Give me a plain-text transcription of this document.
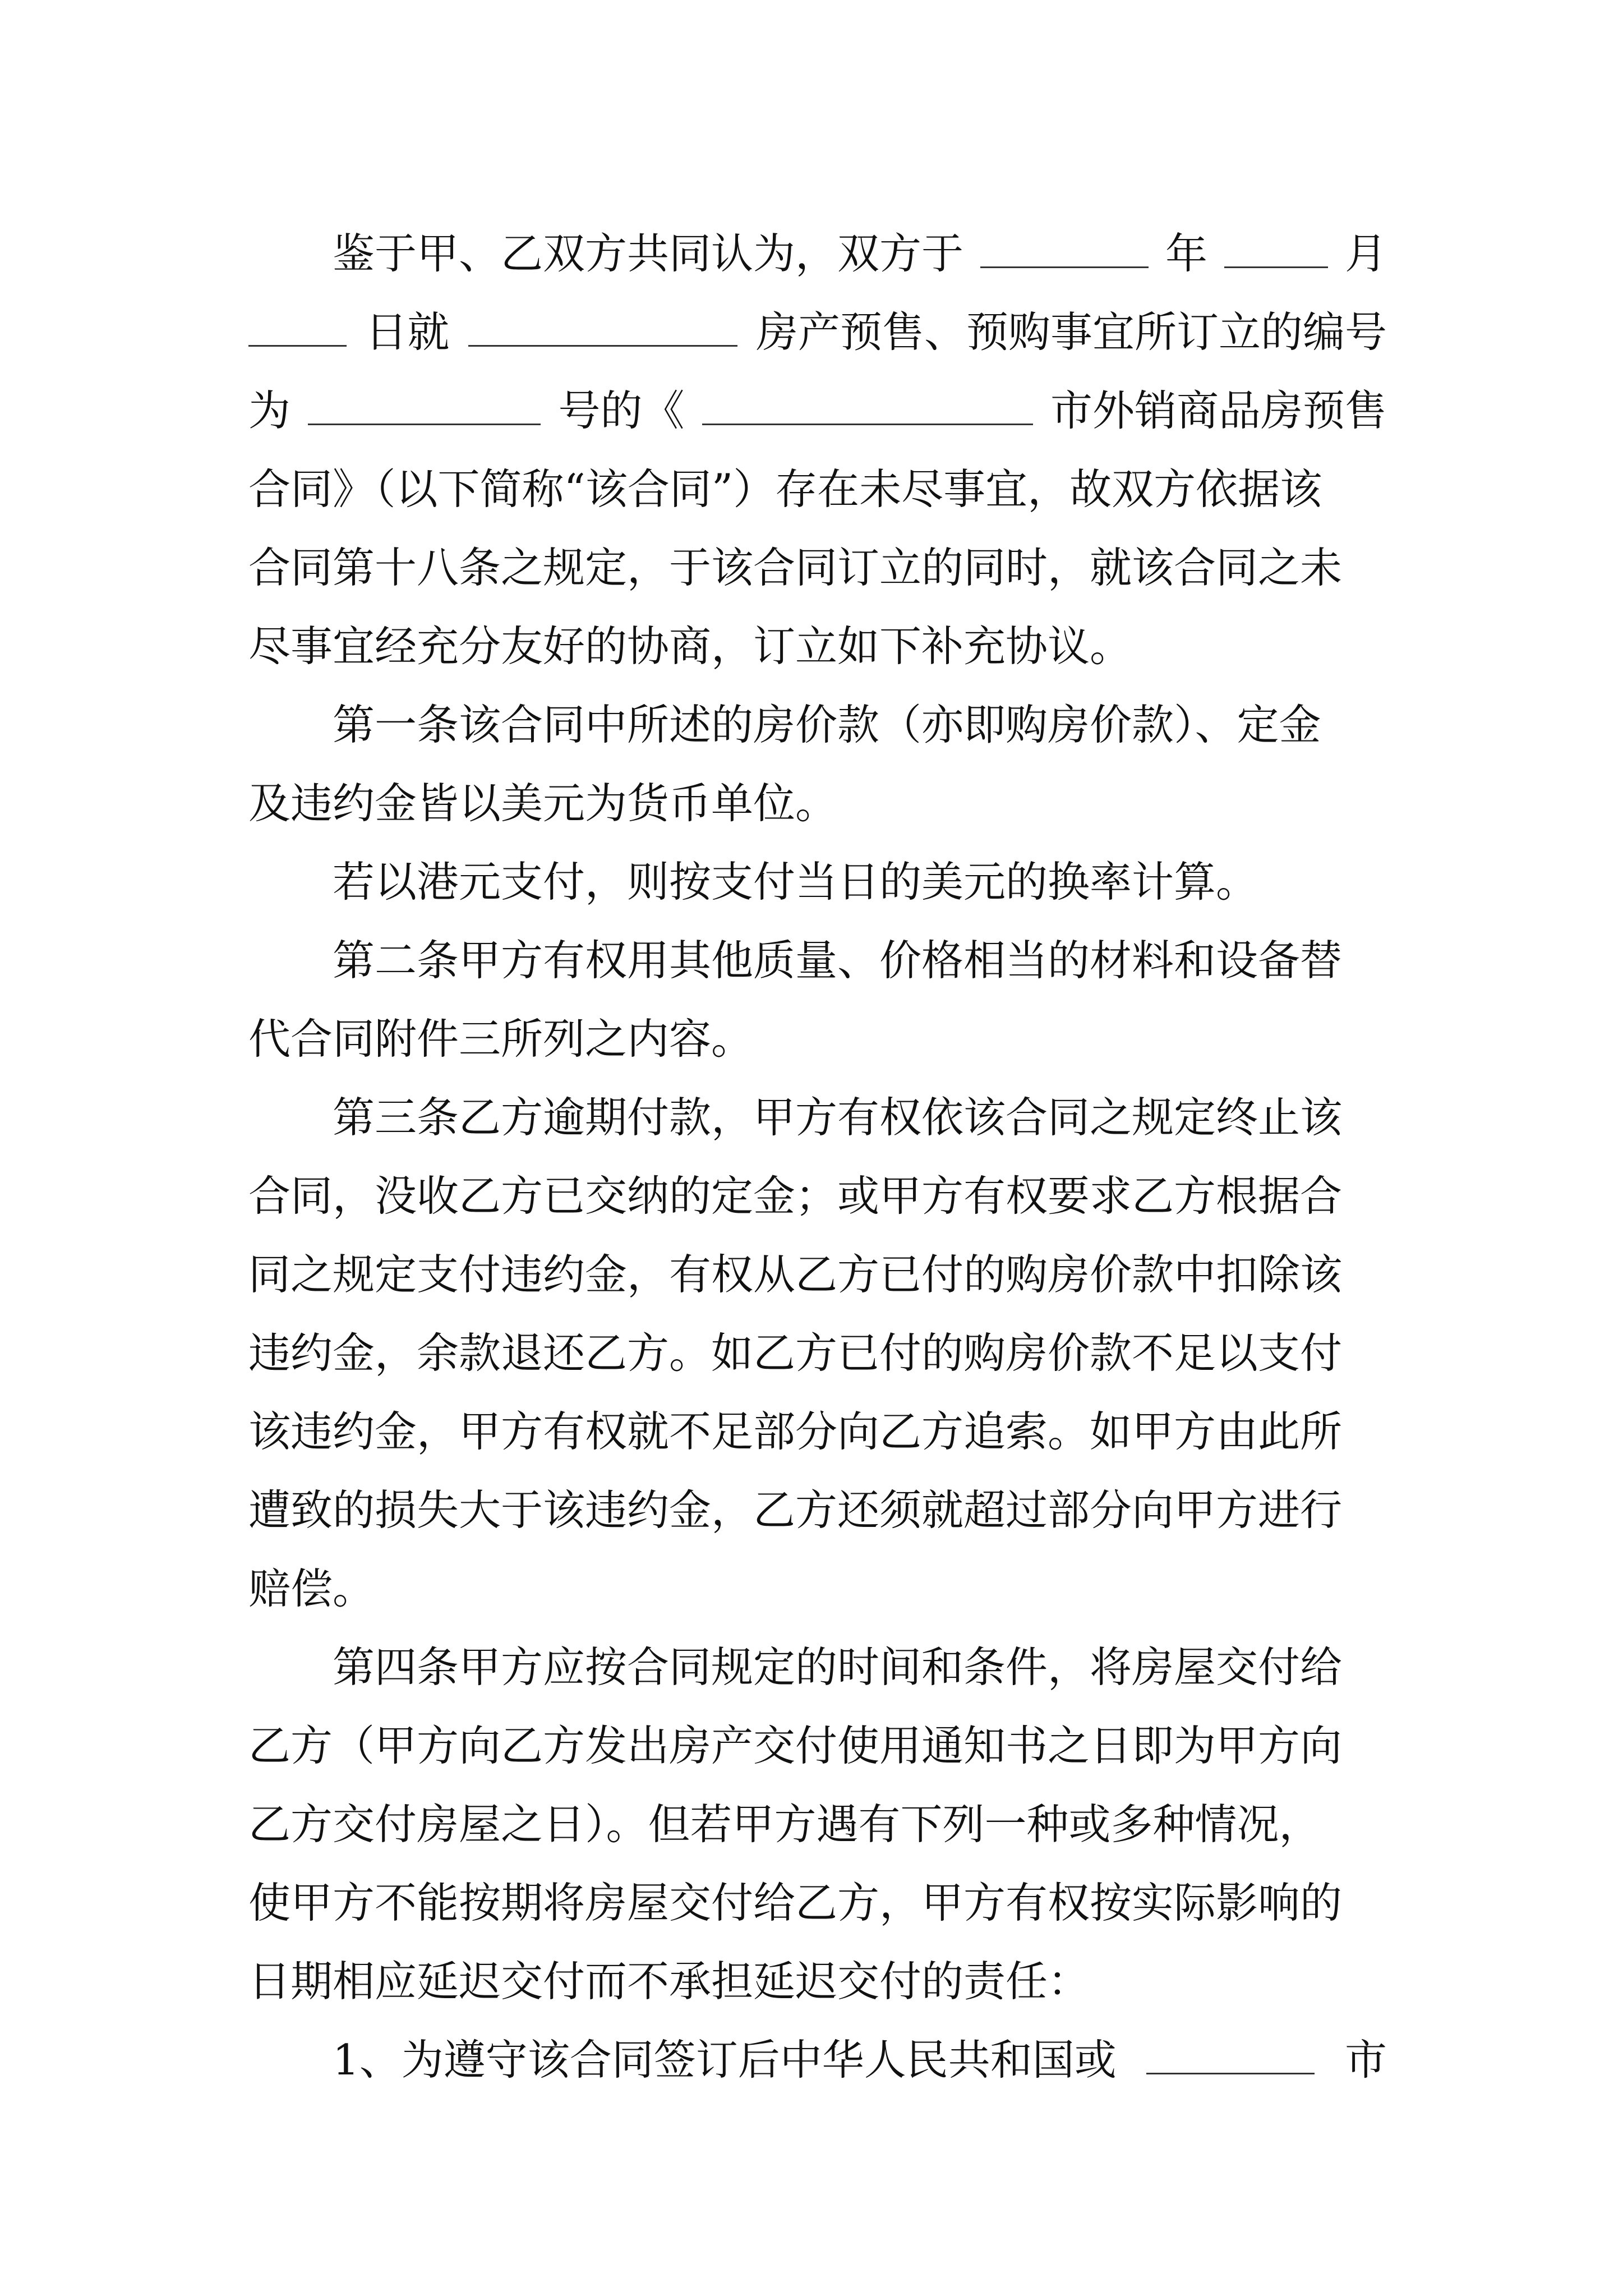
鉴于甲、乙双方共同认为，双方于	年	月
日就	房产预售、预购事宜所订立的编号
为	号的《	市外销商品房预售
合同》（以下简称“该合同”）存在未尽事宜，故双方依据该
合同第十八条之规定，于该合同订立的同时，就该合同之未
尽事宜经充分友好的协商，订立如下补充协议。
第一条该合同中所述的房价款（亦即购房价款）、定金
及违约金皆以美元为货币单位。
若以港元支付，则按支付当日的美元的换率计算。
第二条甲方有权用其他质量、价格相当的材料和设备替
代合同附件三所列之内容。
第三条乙方逾期付款，甲方有权依该合同之规定终止该
合同，没收乙方已交纳的定金；或甲方有权要求乙方根据合
同之规定支付违约金，有权从乙方已付的购房价款中扣除该
违约金，余款退还乙方。如乙方已付的购房价款不足以支付
该违约金，甲方有权就不足部分向乙方追索。如甲方由此所
遭致的损失大于该违约金，乙方还须就超过部分向甲方进行
赔偿。
第四条甲方应按合同规定的时间和条件，将房屋交付给
乙方（甲方向乙方发出房产交付使用通知书之日即为甲方向
乙方交付房屋之日）。但若甲方遇有下列一种或多种情况，
使甲方不能按期将房屋交付给乙方，甲方有权按实际影响的
日期相应延迟交付而不承担延迟交付的责任：
1、为遵守该合同签订后中华人民共和国或	市
